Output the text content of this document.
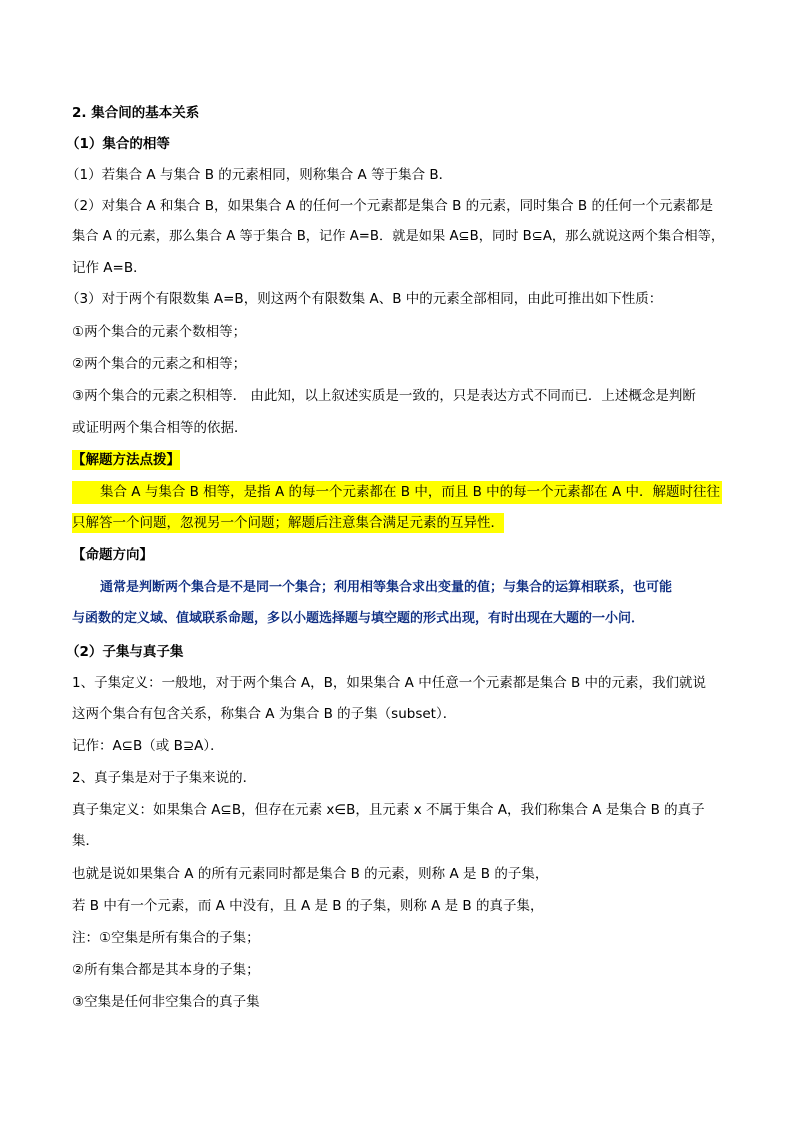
2. 集合间的基本关系
（1）集合的相等
（1）若集合 A 与集合 B 的元素相同，则称集合 A 等于集合 B．
（2）对集合 A 和集合 B，如果集合 A 的任何一个元素都是集合 B 的元素，同时集合 B 的任何一个元素都是
集合 A 的元素，那么集合 A 等于集合 B，记作 A=B．就是如果 A⊆B，同时 B⊆A，那么就说这两个集合相等，
记作 A=B．
（3）对于两个有限数集 A=B，则这两个有限数集 A、B 中的元素全部相同，由此可推出如下性质：
①两个集合的元素个数相等；
②两个集合的元素之和相等；
③两个集合的元素之积相等． 由此知，以上叙述实质是一致的，只是表达方式不同而已．上述概念是判断
或证明两个集合相等的依据．
【解题方法点拨】
集合 A 与集合 B 相等，是指 A 的每一个元素都在 B 中，而且 B 中的每一个元素都在 A 中．解题时往往
只解答一个问题，忽视另一个问题；解题后注意集合满足元素的互异性．
【命题方向】
通常是判断两个集合是不是同一个集合；利用相等集合求出变量的值；与集合的运算相联系，也可能
与函数的定义域、值域联系命题，多以小题选择题与填空题的形式出现，有时出现在大题的一小问．
（2）子集与真子集
1、子集定义：一般地，对于两个集合 A，B，如果集合 A 中任意一个元素都是集合 B 中的元素，我们就说
这两个集合有包含关系，称集合 A 为集合 B 的子集（subset）．
记作：A⊆B（或 B⊇A）．
2、真子集是对于子集来说的．
真子集定义：如果集合 A⊆B，但存在元素 x∈B，且元素 x 不属于集合 A，我们称集合 A 是集合 B 的真子
集．
也就是说如果集合 A 的所有元素同时都是集合 B 的元素，则称 A 是 B 的子集，
若 B 中有一个元素，而 A 中没有，且 A 是 B 的子集，则称 A 是 B 的真子集，
注：①空集是所有集合的子集；
②所有集合都是其本身的子集；
③空集是任何非空集合的真子集
